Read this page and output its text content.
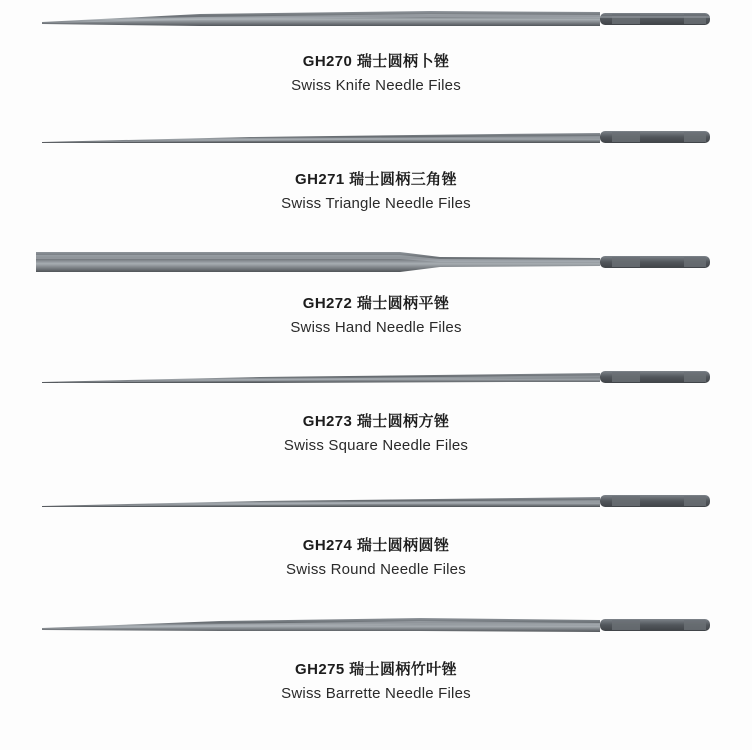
GH270 瑞士圆柄卜锉
Swiss Knife Needle Files
GH271 瑞士圆柄三角锉
Swiss Triangle Needle Files
GH272 瑞士圆柄平锉
Swiss Hand Needle Files
GH273 瑞士圆柄方锉
Swiss Square Needle Files
GH274 瑞士圆柄圆锉
Swiss Round Needle Files
GH275 瑞士圆柄竹叶锉
Swiss Barrette Needle Files
